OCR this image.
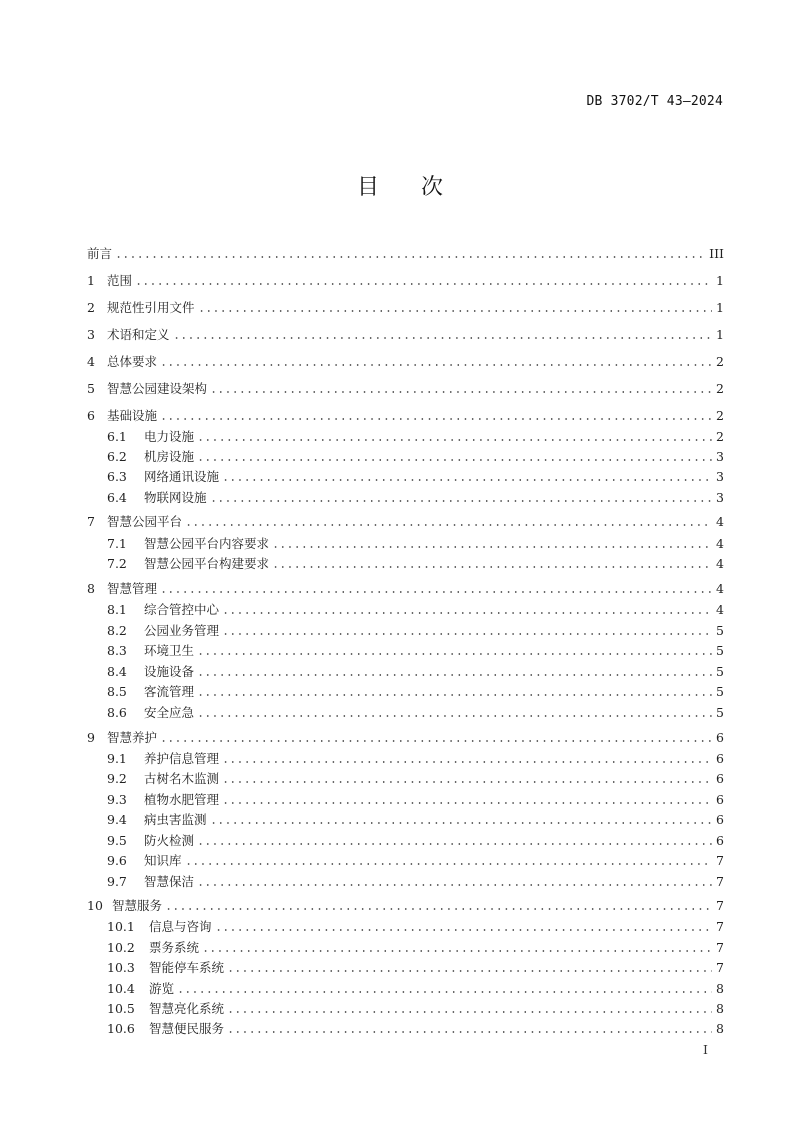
DB 3702/T 43—2024
目 次
前言	III
1 范围	1
2 规范性引用文件	1
3 术语和定义	1
4 总体要求	2
5 智慧公园建设架构	2
6 基础设施	2
6.1	电力设施	2
6.2	机房设施	3
6.3	网络通讯设施	3
6.4	物联网设施	3
7 智慧公园平台	4
7.1	智慧公园平台内容要求	4
7.2	智慧公园平台构建要求	4
8 智慧管理	4
8.1	综合管控中心	4
8.2	公园业务管理	5
8.3	环境卫生	5
8.4	设施设备	5
8.5	客流管理	5
8.6	安全应急	5
9 智慧养护	6
9.1	养护信息管理	6
9.2	古树名木监测	6
9.3	植物水肥管理	6
9.4	病虫害监测	6
9.5	防火检测	6
9.6	知识库	7
9.7	智慧保洁	7
10 智慧服务	7
10.1	信息与咨询	7
10.2	票务系统	7
10.3	智能停车系统	7
10.4	游览	8
10.5	智慧亮化系统	8
10.6	智慧便民服务	8
I
